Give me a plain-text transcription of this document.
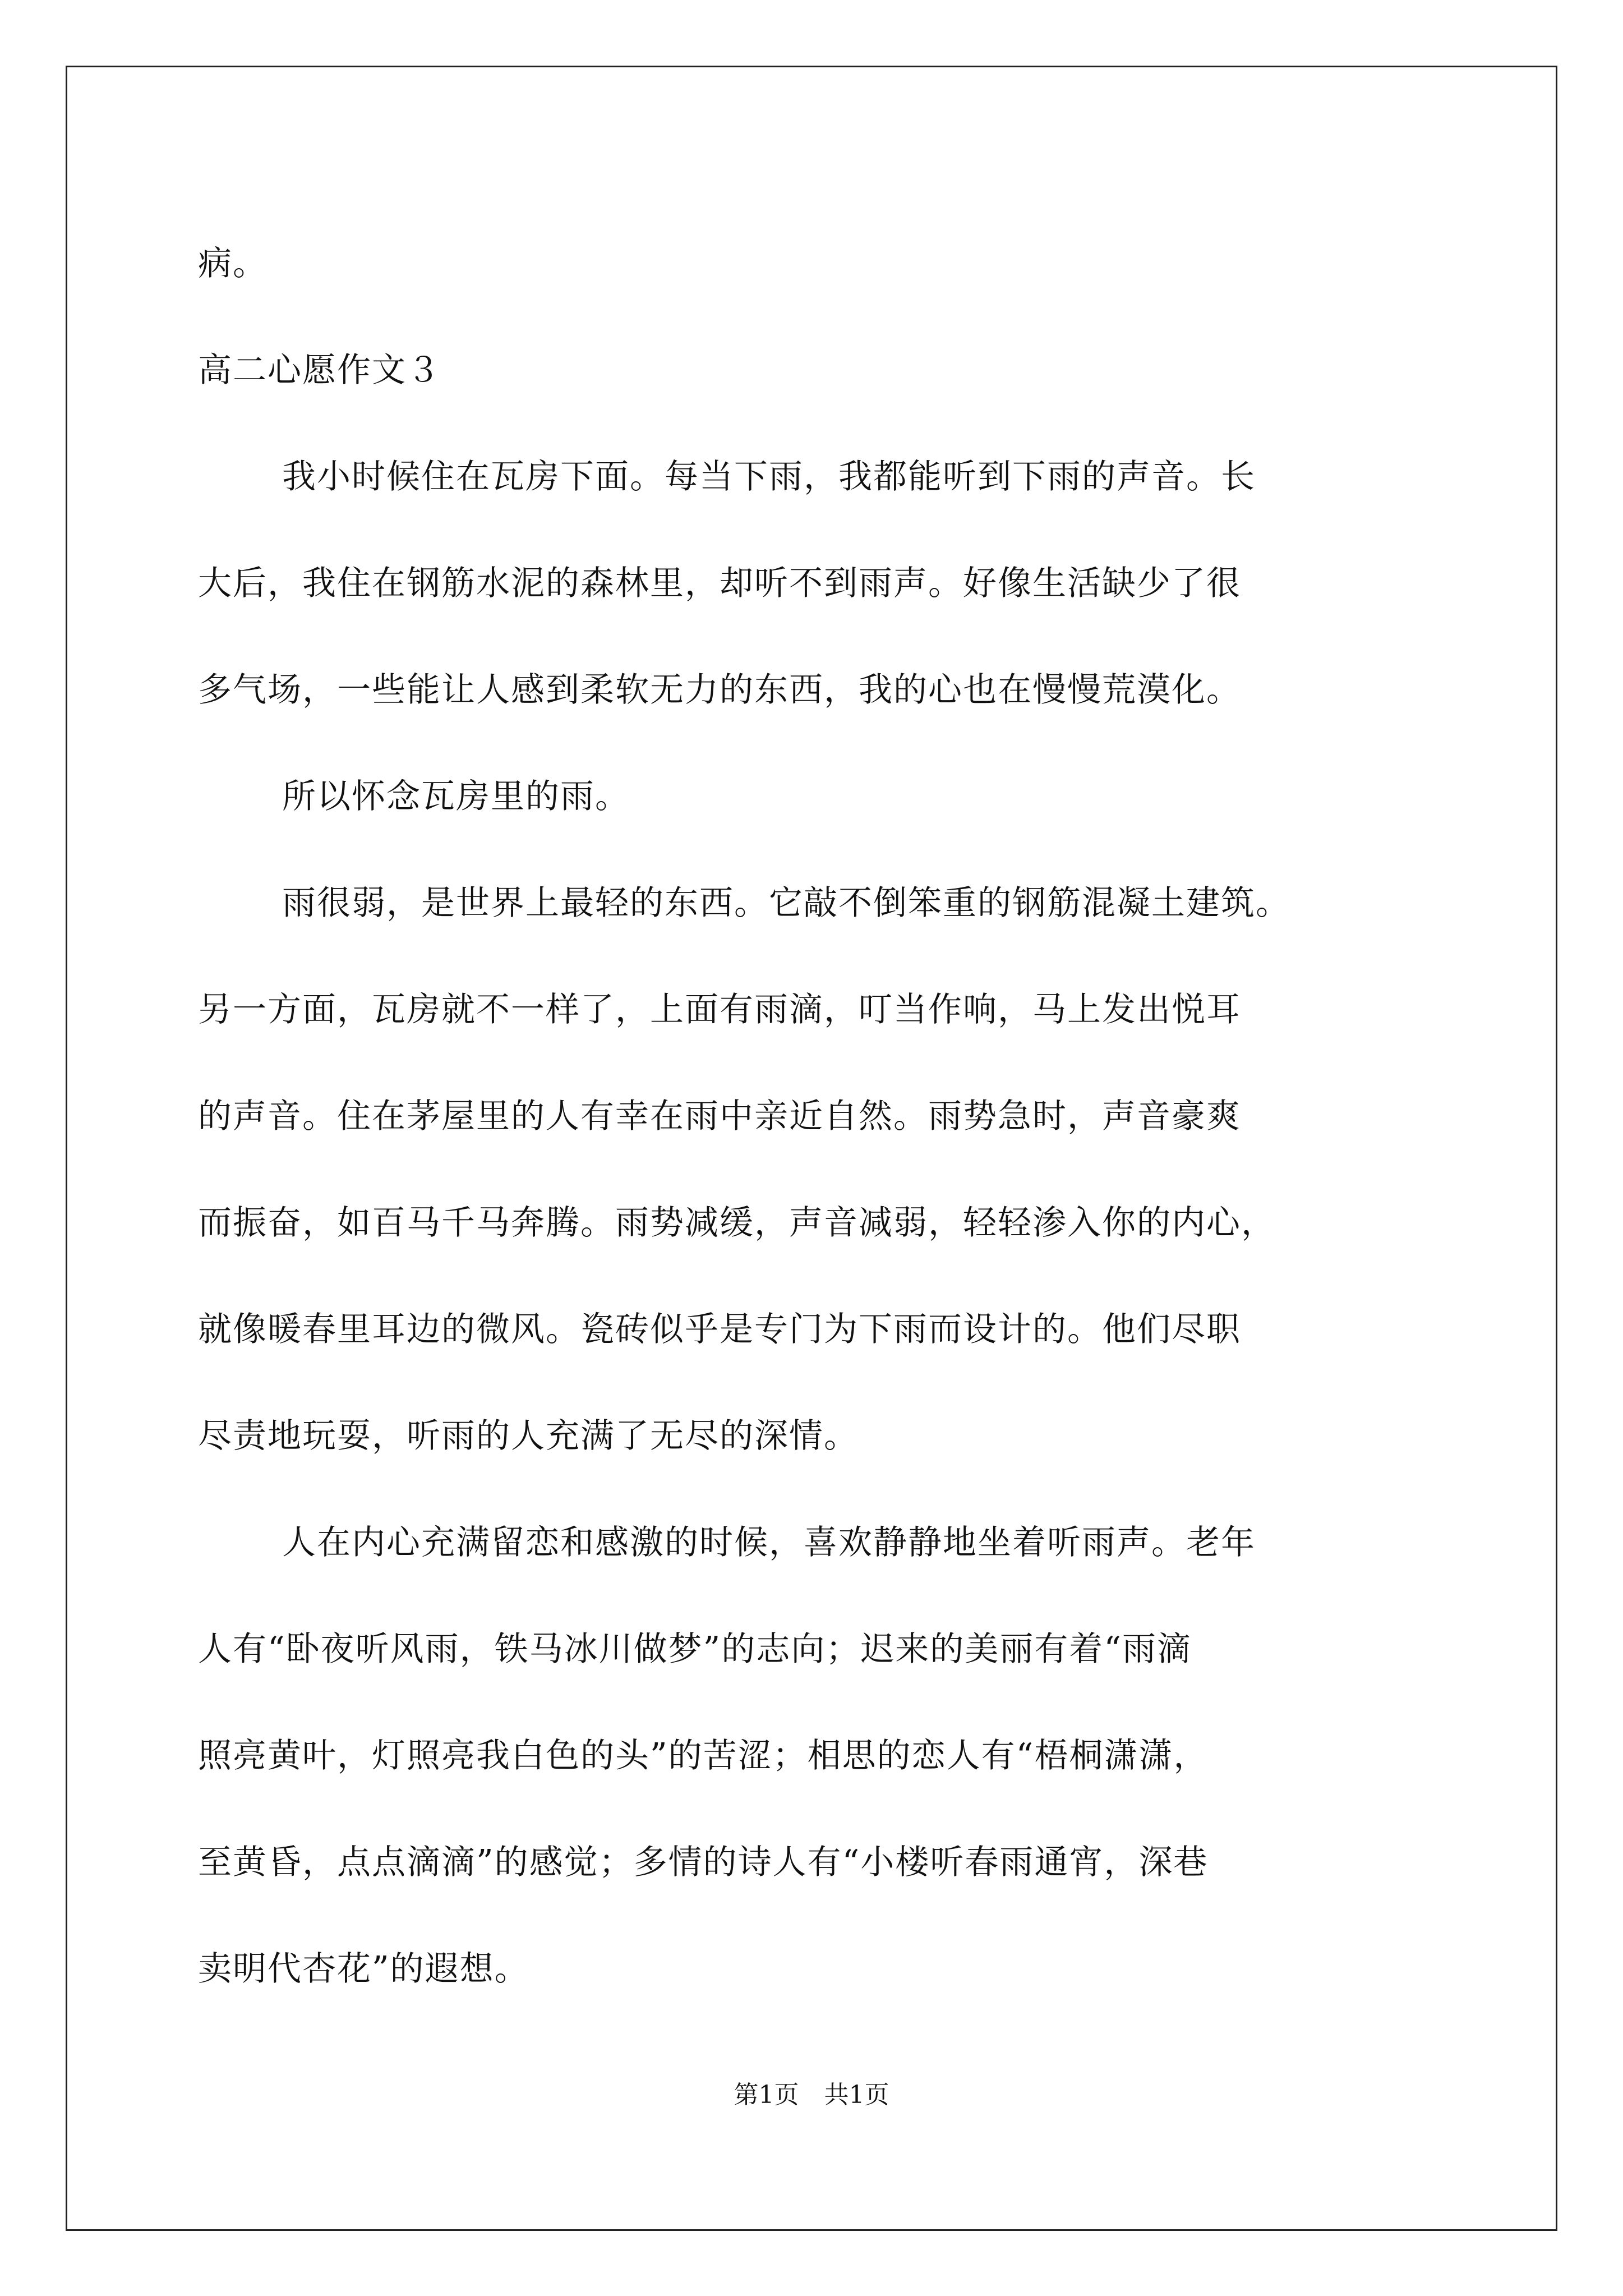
病。
高二心愿作文３
我小时候住在瓦房下面。每当下雨，我都能听到下雨的声音。长
大后，我住在钢筋水泥的森林里，却听不到雨声。好像生活缺少了很
多气场，一些能让人感到柔软无力的东西，我的心也在慢慢荒漠化。
所以怀念瓦房里的雨。
雨很弱，是世界上最轻的东西。它敲不倒笨重的钢筋混凝土建筑。
另一方面，瓦房就不一样了，上面有雨滴，叮当作响，马上发出悦耳
的声音。住在茅屋里的人有幸在雨中亲近自然。雨势急时，声音豪爽
而振奋，如百马千马奔腾。雨势减缓，声音减弱，轻轻渗入你的内心，
就像暖春里耳边的微风。瓷砖似乎是专门为下雨而设计的。他们尽职
尽责地玩耍，听雨的人充满了无尽的深情。
人在内心充满留恋和感激的时候，喜欢静静地坐着听雨声。老年
人有“卧夜听风雨，铁马冰川做梦”的志向；迟来的美丽有着“雨滴
照亮黄叶，灯照亮我白色的头”的苦涩；相思的恋人有“梧桐潇潇，
至黄昏，点点滴滴”的感觉；多情的诗人有“小楼听春雨通宵，深巷
卖明代杏花”的遐想。
第1页 共1页
